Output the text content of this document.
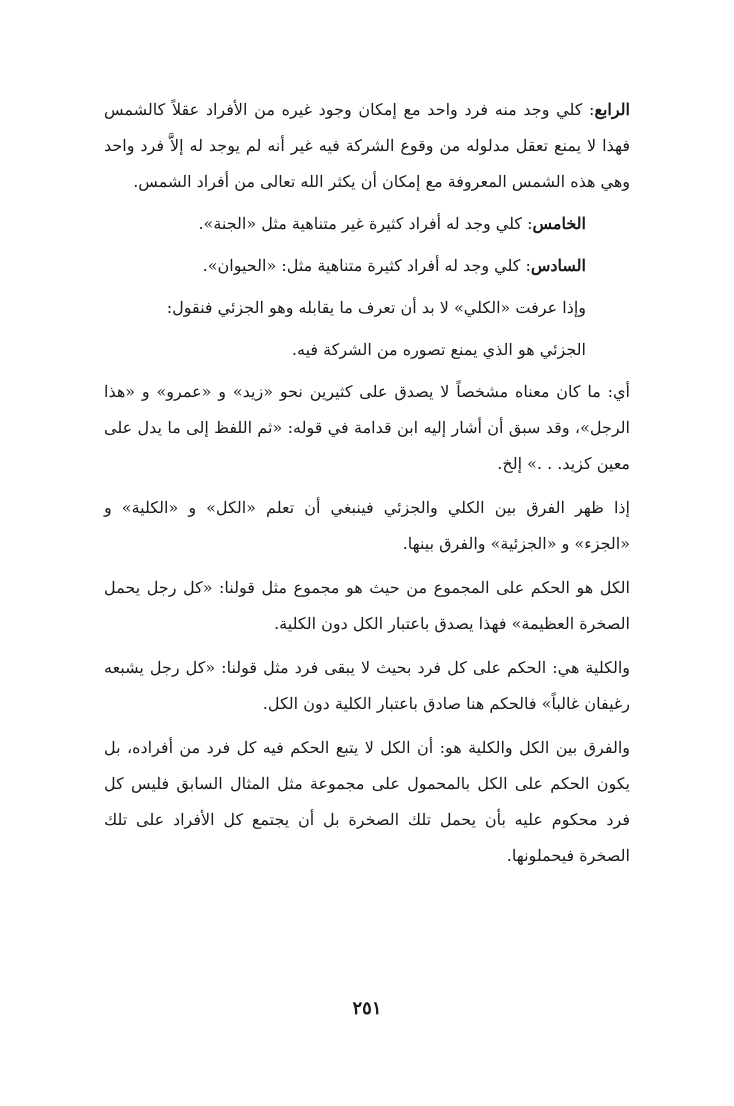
الرابع: كلي وجد منه فرد واحد مع إمكان وجود غيره من الأفراد عقلاً كالشمس فهذا لا يمنع تعقل مدلوله من وقوع الشركة فيه غير أنه لم يوجد له إلاَّ فرد واحد وهي هذه الشمس المعروفة مع إمكان أن يكثر الله تعالى من أفراد الشمس.

الخامس: كلي وجد له أفراد كثيرة غير متناهية مثل «الجنة».

السادس: كلي وجد له أفراد كثيرة متناهية مثل: «الحيوان».

وإذا عرفت «الكلي» لا بد أن تعرف ما يقابله وهو الجزئي فنقول:

الجزئي هو الذي يمنع تصوره من الشركة فيه.

أي: ما كان معناه مشخصاً لا يصدق على كثيرين نحو «زيد» و «عمرو» و «هذا الرجل»، وقد سبق أن أشار إليه ابن قدامة في قوله: «ثم اللفظ إلى ما يدل على معين كزيد. . .» إلخ.

إذا ظهر الفرق بين الكلي والجزئي فينبغي أن تعلم «الكل» و «الكلية» و «الجزء» و «الجزئية» والفرق بينها.

الكل هو الحكم على المجموع من حيث هو مجموع مثل قولنا: «كل رجل يحمل الصخرة العظيمة» فهذا يصدق باعتبار الكل دون الكلية.

والكلية هي: الحكم على كل فرد بحيث لا يبقى فرد مثل قولنا: «كل رجل يشبعه رغيفان غالباً» فالحكم هنا صادق باعتبار الكلية دون الكل.

والفرق بين الكل والكلية هو: أن الكل لا يتبع الحكم فيه كل فرد من أفراده، بل يكون الحكم على الكل بالمحمول على مجموعة مثل المثال السابق فليس كل فرد محكوم عليه بأن يحمل تلك الصخرة بل أن يجتمع كل الأفراد على تلك الصخرة فيحملونها.

٢٥١
